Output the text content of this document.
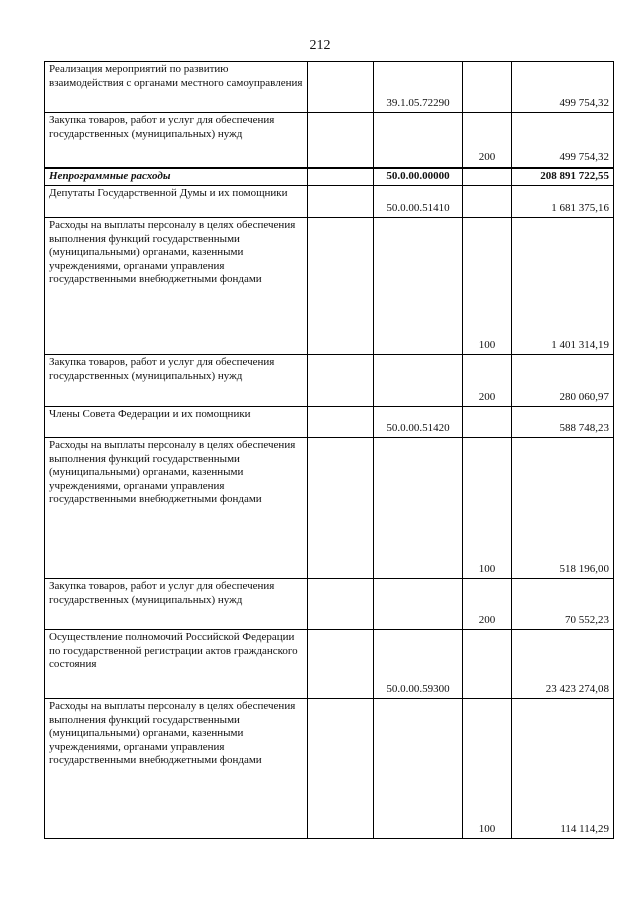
212
Реализация мероприятий по развитию взаимодействия с органами местного самоуправления		39.1.05.72290		499 754,32
Закупка товаров, работ и услуг для обеспечения государственных (муниципальных) нужд			200	499 754,32
Непрограммные расходы		50.0.00.00000		208 891 722,55
Депутаты Государственной Думы и их помощники		50.0.00.51410		1 681 375,16
Расходы на выплаты персоналу в целях обеспечения выполнения функций государственными (муниципальными) органами, казенными учреждениями, органами управления государственными внебюджетными фондами			100	1 401 314,19
Закупка товаров, работ и услуг для обеспечения государственных (муниципальных) нужд			200	280 060,97
Члены Совета Федерации и их помощники		50.0.00.51420		588 748,23
Расходы на выплаты персоналу в целях обеспечения выполнения функций государственными (муниципальными) органами, казенными учреждениями, органами управления государственными внебюджетными фондами			100	518 196,00
Закупка товаров, работ и услуг для обеспечения государственных (муниципальных) нужд			200	70 552,23
Осуществление полномочий Российской Федерации по государственной регистрации актов гражданского состояния		50.0.00.59300		23 423 274,08
Расходы на выплаты персоналу в целях обеспечения выполнения функций государственными (муниципальными) органами, казенными учреждениями, органами управления государственными внебюджетными фондами			100	114 114,29
